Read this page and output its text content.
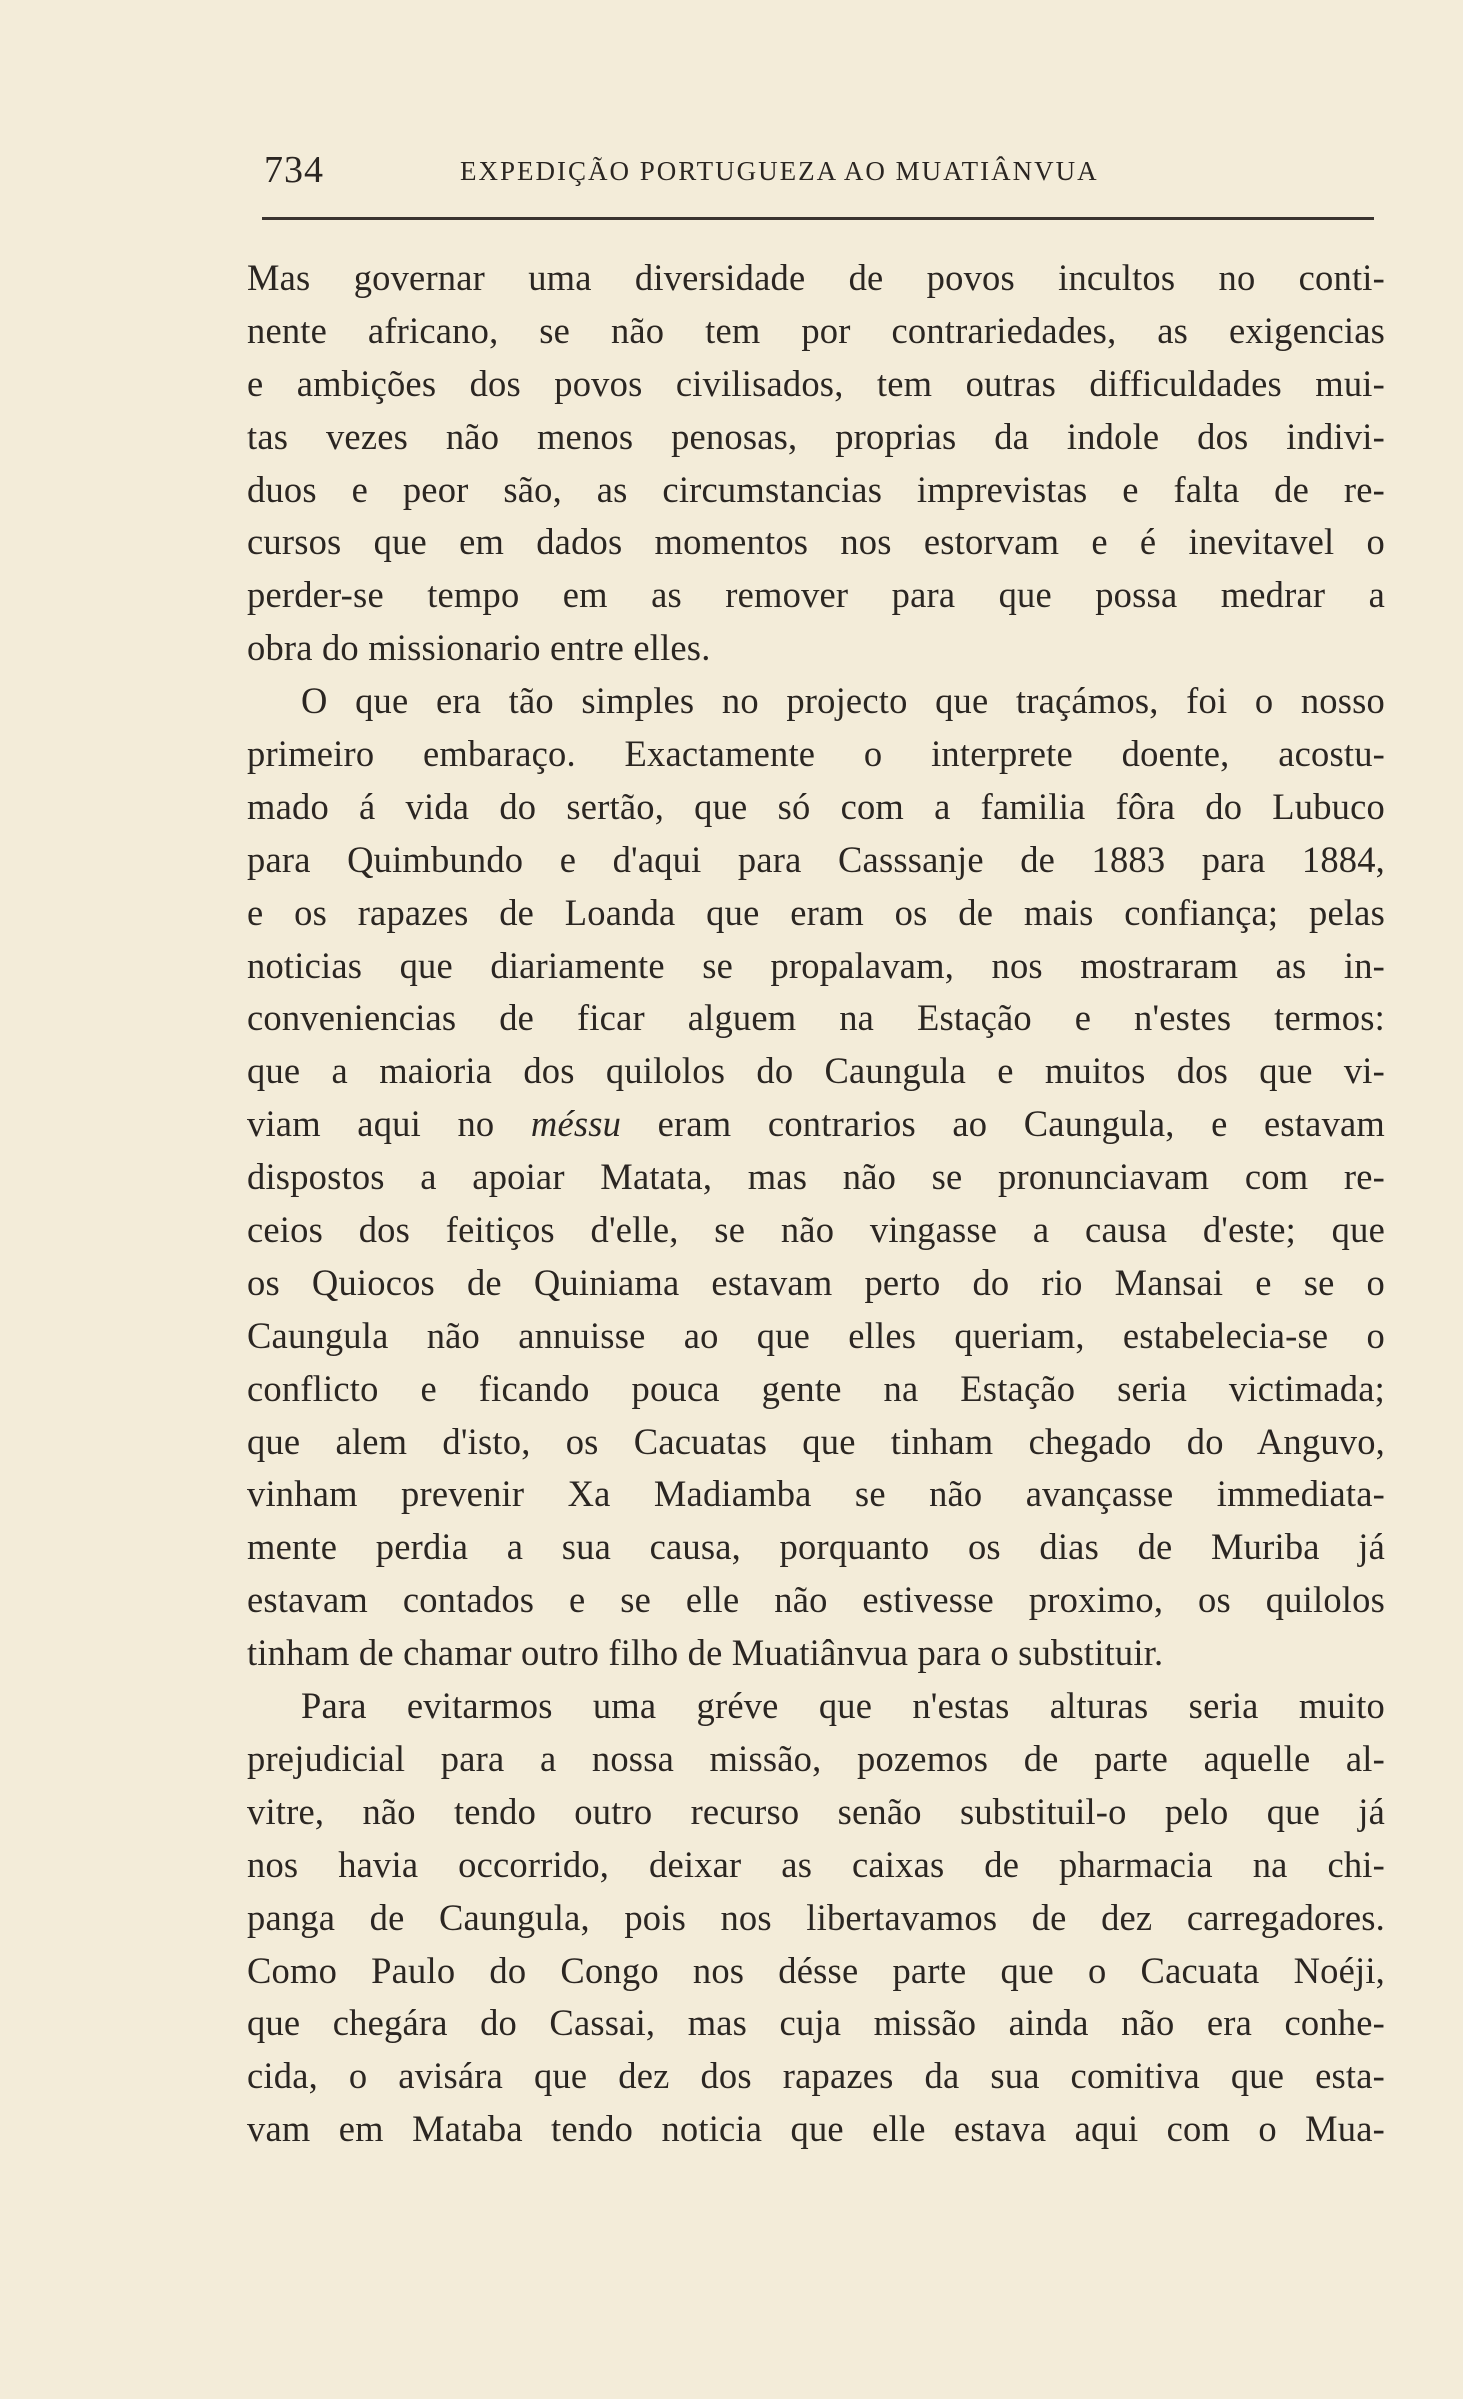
734	EXPEDIÇÃO PORTUGUEZA AO MUATIÂNVUA
Mas governar uma diversidade de povos incultos no conti-
nente africano, se não tem por contrariedades, as exigencias
e ambições dos povos civilisados, tem outras difficuldades mui-
tas vezes não menos penosas, proprias da indole dos indivi-
duos e peor são, as circumstancias imprevistas e falta de re-
cursos que em dados momentos nos estorvam e é inevitavel o
perder-se tempo em as remover para que possa medrar a
obra do missionario entre elles.
O que era tão simples no projecto que traçámos, foi o nosso
primeiro embaraço. Exactamente o interprete doente, acostu-
mado á vida do sertão, que só com a familia fôra do Lubuco
para Quimbundo e d'aqui para Casssanje de 1883 para 1884,
e os rapazes de Loanda que eram os de mais confiança; pelas
noticias que diariamente se propalavam, nos mostraram as in-
conveniencias de ficar alguem na Estação e n'estes termos:
que a maioria dos quilolos do Caungula e muitos dos que vi-
viam aqui no méssu eram contrarios ao Caungula, e estavam
dispostos a apoiar Matata, mas não se pronunciavam com re-
ceios dos feitiços d'elle, se não vingasse a causa d'este; que
os Quiocos de Quiniama estavam perto do rio Mansai e se o
Caungula não annuisse ao que elles queriam, estabelecia-se o
conflicto e ficando pouca gente na Estação seria victimada;
que alem d'isto, os Cacuatas que tinham chegado do Anguvo,
vinham prevenir Xa Madiamba se não avançasse immediata-
mente perdia a sua causa, porquanto os dias de Muriba já
estavam contados e se elle não estivesse proximo, os quilolos
tinham de chamar outro filho de Muatiânvua para o substituir.
Para evitarmos uma gréve que n'estas alturas seria muito
prejudicial para a nossa missão, pozemos de parte aquelle al-
vitre, não tendo outro recurso senão substituil-o pelo que já
nos havia occorrido, deixar as caixas de pharmacia na chi-
panga de Caungula, pois nos libertavamos de dez carregadores.
Como Paulo do Congo nos désse parte que o Cacuata Noéji,
que chegára do Cassai, mas cuja missão ainda não era conhe-
cida, o avisára que dez dos rapazes da sua comitiva que esta-
vam em Mataba tendo noticia que elle estava aqui com o Mua-
